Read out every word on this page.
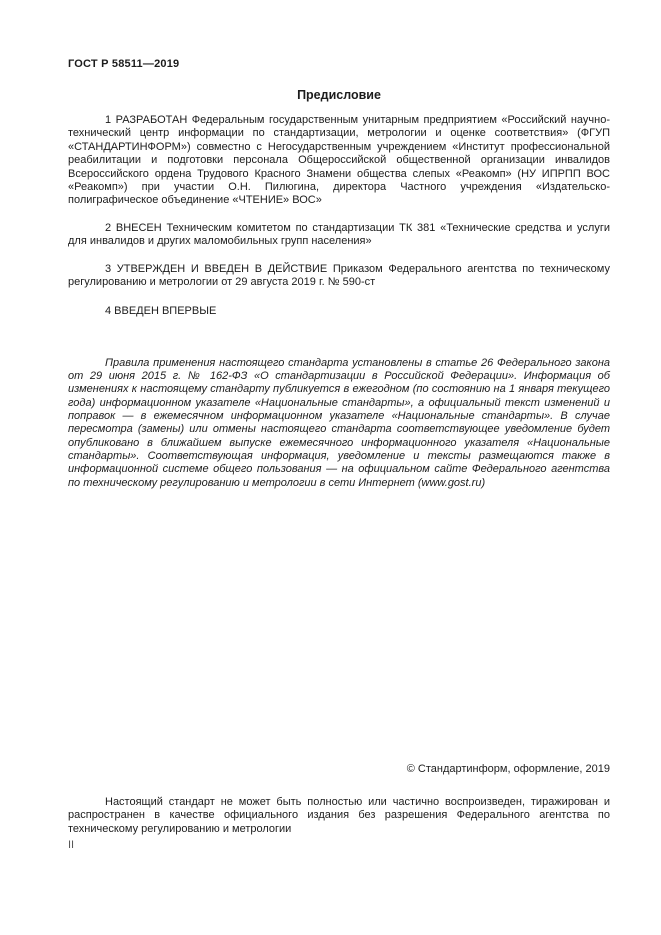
ГОСТ Р 58511—2019
Предисловие

1 РАЗРАБОТАН Федеральным государственным унитарным предприятием «Российский научно-технический центр информации по стандартизации, метрологии и оценке соответствия» (ФГУП «СТАНДАРТИНФОРМ») совместно с Негосударственным учреждением «Институт профессиональной реабилитации и подготовки персонала Общероссийской общественной организации инвалидов Всероссийского ордена Трудового Красного Знамени общества слепых «Реакомп» (НУ ИПРПП ВОС «Реакомп») при участии О.Н. Пилюгина, директора Частного учреждения «Издательско-полиграфическое объединение «ЧТЕНИЕ» ВОС»

2 ВНЕСЕН Техническим комитетом по стандартизации ТК 381 «Технические средства и услуги для инвалидов и других маломобильных групп населения»

3 УТВЕРЖДЕН И ВВЕДЕН В ДЕЙСТВИЕ Приказом Федерального агентства по техническому регулированию и метрологии от 29 августа 2019 г. № 590-ст

4 ВВЕДЕН ВПЕРВЫЕ

Правила применения настоящего стандарта установлены в статье 26 Федерального закона от 29 июня 2015 г. № 162-ФЗ «О стандартизации в Российской Федерации». Информация об изменениях к настоящему стандарту публикуется в ежегодном (по состоянию на 1 января текущего года) информационном указателе «Национальные стандарты», а официальный текст изменений и поправок — в ежемесячном информационном указателе «Национальные стандарты». В случае пересмотра (замены) или отмены настоящего стандарта соответствующее уведомление будет опубликовано в ближайшем выпуске ежемесячного информационного указателя «Национальные стандарты». Соответствующая информация, уведомление и тексты размещаются также в информационной системе общего пользования — на официальном сайте Федерального агентства по техническому регулированию и метрологии в сети Интернет (www.gost.ru)

© Стандартинформ, оформление, 2019

Настоящий стандарт не может быть полностью или частично воспроизведен, тиражирован и распространен в качестве официального издания без разрешения Федерального агентства по техническому регулированию и метрологии

II
